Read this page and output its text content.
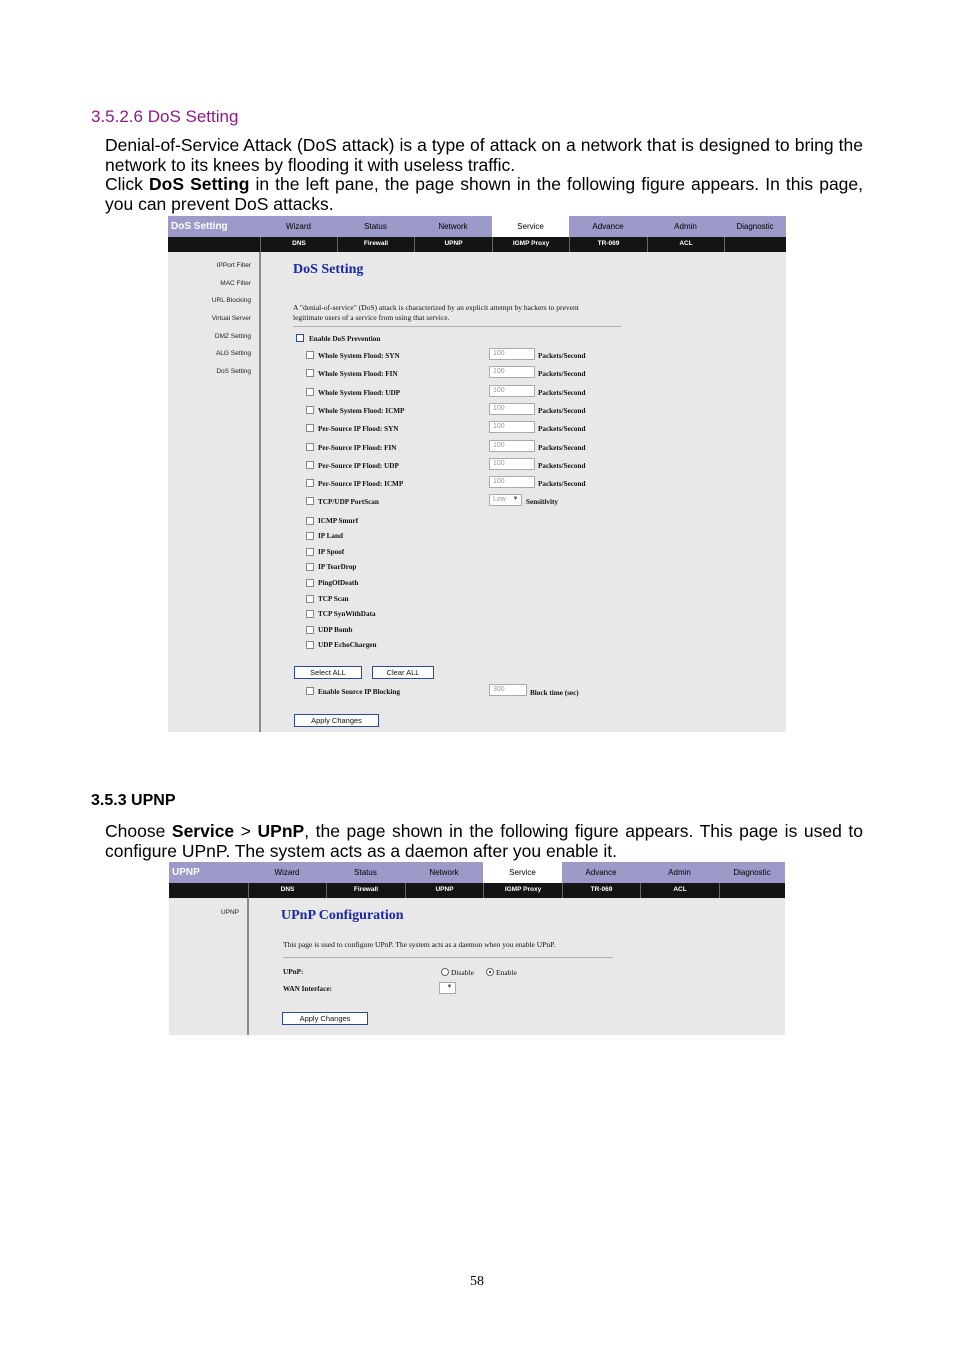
3.5.2.6 DoS Setting
Denial-of-Service Attack (DoS attack) is a type of attack on a network that is designed to bring the network to its knees by flooding it with useless traffic.
Click DoS Setting in the left pane, the page shown in the following figure appears. In this page, you can prevent DoS attacks.
DoS Setting	Wizard	Status	Network	Service	Advance	Admin	Diagnostic
DNS	Firewall	UPNP	IGMP Proxy	TR-069	ACL
IPPort Filter
MAC Filter
URL Blocking
Virtual Server
DMZ Setting
ALG Setting
DoS Setting
DoS Setting
A "denial-of-service" (DoS) attack is characterized by an explicit attempt by hackers to prevent
legitimate users of a service from using that service.
Enable DoS Prevention
Whole System Flood: SYN	100	Packets/Second
Whole System Flood: FIN	100	Packets/Second
Whole System Flood: UDP	100	Packets/Second
Whole System Flood: ICMP	100	Packets/Second
Per-Source IP Flood: SYN	100	Packets/Second
Per-Source IP Flood: FIN	100	Packets/Second
Per-Source IP Flood: UDP	100	Packets/Second
Per-Source IP Flood: ICMP	100	Packets/Second
TCP/UDP PortScan	Low ▼ Sensitivity
ICMP Smurf
IP Land
IP Spoof
IP TearDrop
PingOfDeath
TCP Scan
TCP SynWithData
UDP Bomb
UDP EchoChargen
Select ALL	Clear ALL
Enable Source IP Blocking	300	Block time (sec)
Apply Changes
3.5.3 UPNP
Choose Service > UPnP, the page shown in the following figure appears. This page is used to configure UPnP. The system acts as a daemon after you enable it.
UPNP	Wizard	Status	Network	Service	Advance	Admin	Diagnostic
DNS	Firewall	UPNP	IGMP Proxy	TR-069	ACL
UPNP	UPnP Configuration
This page is used to configure UPnP. The system acts as a daemon when you enable UPnP.
UPnP:	Disable	Enable
WAN Interface:	▼
Apply Changes
58
